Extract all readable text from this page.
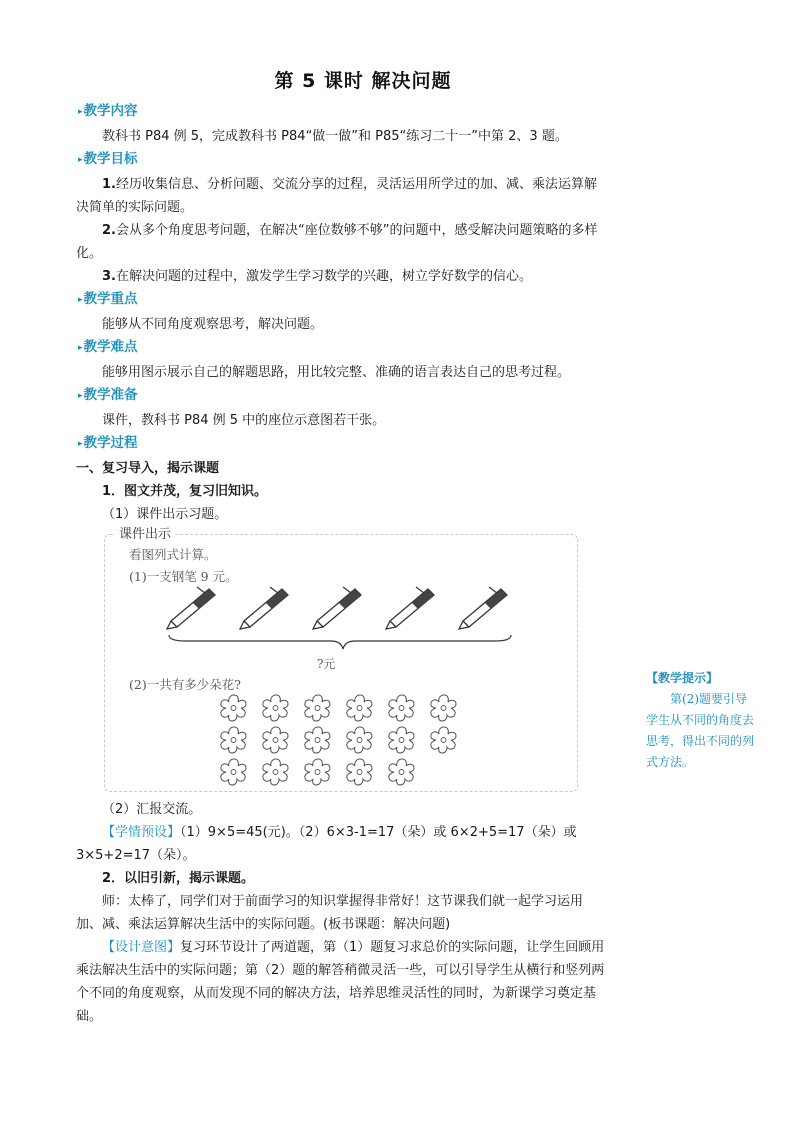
第 5 课时 解决问题
▸ 教学内容
教科书 P84 例 5，完成教科书 P84“做一做”和 P85“练习二十一”中第 2、3 题。
▸ 教学目标
1.经历收集信息、分析问题、交流分享的过程，灵活运用所学过的加、减、乘法运算解决简单的实际问题。
2.会从多个角度思考问题，在解决“座位数够不够”的问题中，感受解决问题策略的多样化。
3.在解决问题的过程中，激发学生学习数学的兴趣，树立学好数学的信心。
▸ 教学重点
能够从不同角度观察思考，解决问题。
▸ 教学难点
能够用图示展示自己的解题思路，用比较完整、准确的语言表达自己的思考过程。
▸ 教学准备
课件，教科书 P84 例 5 中的座位示意图若干张。
▸ 教学过程
一、复习导入，揭示课题
1．图文并茂，复习旧知识。
（1）课件出示习题。
课件出示
看图列式计算。
(1)一支钢笔 9 元。
?元
(2)一共有多少朵花?
（2）汇报交流。
【学情预设】（1）9×5=45(元)。（2）6×3-1=17（朵）或 6×2+5=17（朵）或 3×5+2=17（朵）。
2．以旧引新，揭示课题。
师：太棒了，同学们对于前面学习的知识掌握得非常好！这节课我们就一起学习运用加、减、乘法运算解决生活中的实际问题。(板书课题：解决问题)
【设计意图】复习环节设计了两道题，第（1）题复习求总价的实际问题，让学生回顾用乘法解决生活中的实际问题；第（2）题的解答稍微灵活一些，可以引导学生从横行和竖列两个不同的角度观察，从而发现不同的解决方法，培养思维灵活性的同时，为新课学习奠定基础。
【教学提示】
第(2)题要引导学生从不同的角度去思考，得出不同的列式方法。
